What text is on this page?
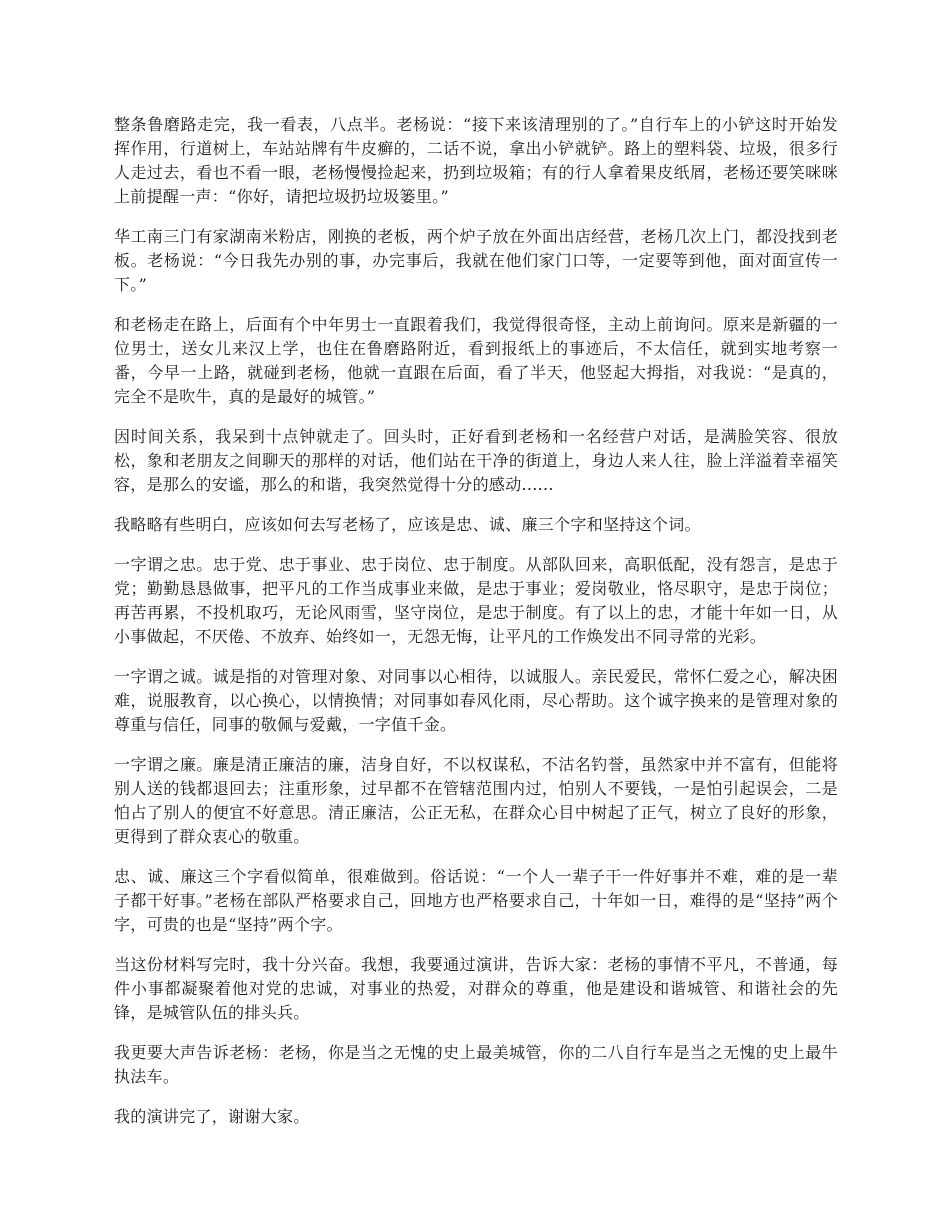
整条鲁磨路走完，我一看表，八点半。老杨说：“接下来该清理别的了。”自行车上的小铲这时开始发挥作用，行道树上，车站站牌有牛皮癣的，二话不说，拿出小铲就铲。路上的塑料袋、垃圾，很多行人走过去，看也不看一眼，老杨慢慢捡起来，扔到垃圾箱；有的行人拿着果皮纸屑，老杨还要笑咪咪上前提醒一声：“你好，请把垃圾扔垃圾篓里。”

华工南三门有家湖南米粉店，刚换的老板，两个炉子放在外面出店经营，老杨几次上门，都没找到老板。老杨说：“今日我先办别的事，办完事后，我就在他们家门口等，一定要等到他，面对面宣传一下。”

和老杨走在路上，后面有个中年男士一直跟着我们，我觉得很奇怪，主动上前询问。原来是新疆的一位男士，送女儿来汉上学，也住在鲁磨路附近，看到报纸上的事迹后，不太信任，就到实地考察一番，今早一上路，就碰到老杨，他就一直跟在后面，看了半天，他竖起大拇指，对我说：“是真的，完全不是吹牛，真的是最好的城管。”

因时间关系，我呆到十点钟就走了。回头时，正好看到老杨和一名经营户对话，是满脸笑容、很放松，象和老朋友之间聊天的那样的对话，他们站在干净的街道上，身边人来人往，脸上洋溢着幸福笑容，是那么的安谧，那么的和谐，我突然觉得十分的感动......

我略略有些明白，应该如何去写老杨了，应该是忠、诚、廉三个字和坚持这个词。

一字谓之忠。忠于党、忠于事业、忠于岗位、忠于制度。从部队回来，高职低配，没有怨言，是忠于党；勤勤恳恳做事，把平凡的工作当成事业来做，是忠于事业；爱岗敬业，恪尽职守，是忠于岗位；再苦再累，不投机取巧，无论风雨雪，坚守岗位，是忠于制度。有了以上的忠，才能十年如一日，从小事做起，不厌倦、不放弃、始终如一，无怨无悔，让平凡的工作焕发出不同寻常的光彩。

一字谓之诚。诚是指的对管理对象、对同事以心相待，以诚服人。亲民爱民，常怀仁爱之心，解决困难，说服教育，以心换心，以情换情；对同事如春风化雨，尽心帮助。这个诚字换来的是管理对象的尊重与信任，同事的敬佩与爱戴，一字值千金。

一字谓之廉。廉是清正廉洁的廉，洁身自好，不以权谋私，不沽名钓誉，虽然家中并不富有，但能将别人送的钱都退回去；注重形象，过早都不在管辖范围内过，怕别人不要钱，一是怕引起误会，二是怕占了别人的便宜不好意思。清正廉洁，公正无私，在群众心目中树起了正气，树立了良好的形象，更得到了群众衷心的敬重。

忠、诚、廉这三个字看似简单，很难做到。俗话说：“一个人一辈子干一件好事并不难，难的是一辈子都干好事。”老杨在部队严格要求自己，回地方也严格要求自己，十年如一日，难得的是“坚持”两个字，可贵的也是“坚持”两个字。

当这份材料写完时，我十分兴奋。我想，我要通过演讲，告诉大家：老杨的事情不平凡，不普通，每件小事都凝聚着他对党的忠诚，对事业的热爱，对群众的尊重，他是建设和谐城管、和谐社会的先锋，是城管队伍的排头兵。

我更要大声告诉老杨：老杨，你是当之无愧的史上最美城管，你的二八自行车是当之无愧的史上最牛执法车。

我的演讲完了，谢谢大家。
